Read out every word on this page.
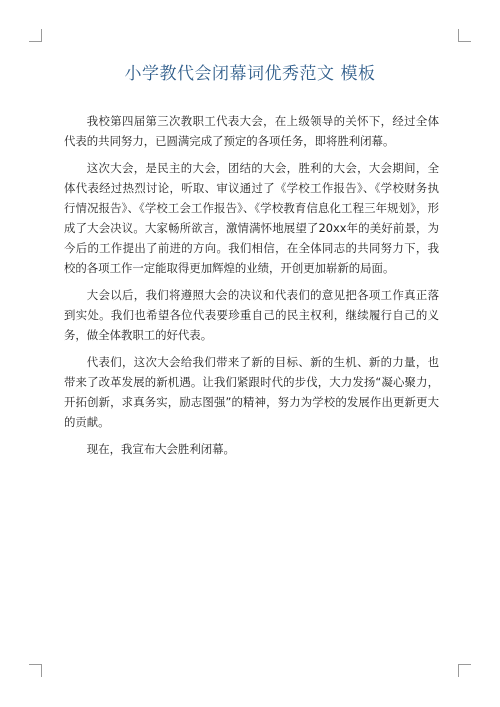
小学教代会闭幕词优秀范文 模板

我校第四届第三次教职工代表大会，在上级领导的关怀下，经过全体代表的共同努力，已圆满完成了预定的各项任务，即将胜利闭幕。

这次大会，是民主的大会，团结的大会，胜利的大会，大会期间，全体代表经过热烈讨论，听取、审议通过了《学校工作报告》、《学校财务执行情况报告》、《学校工会工作报告》、《学校教育信息化工程三年规划》，形成了大会决议。大家畅所欲言，激情满怀地展望了20xx年的美好前景，为今后的工作提出了前进的方向。我们相信，在全体同志的共同努力下，我校的各项工作一定能取得更加辉煌的业绩，开创更加崭新的局面。

大会以后，我们将遵照大会的决议和代表们的意见把各项工作真正落到实处。我们也希望各位代表要珍重自己的民主权利，继续履行自己的义务，做全体教职工的好代表。

代表们，这次大会给我们带来了新的目标、新的生机、新的力量，也带来了改革发展的新机遇。让我们紧跟时代的步伐，大力发扬“凝心聚力，开拓创新，求真务实，励志图强”的精神，努力为学校的发展作出更新更大的贡献。

现在，我宣布大会胜利闭幕。
